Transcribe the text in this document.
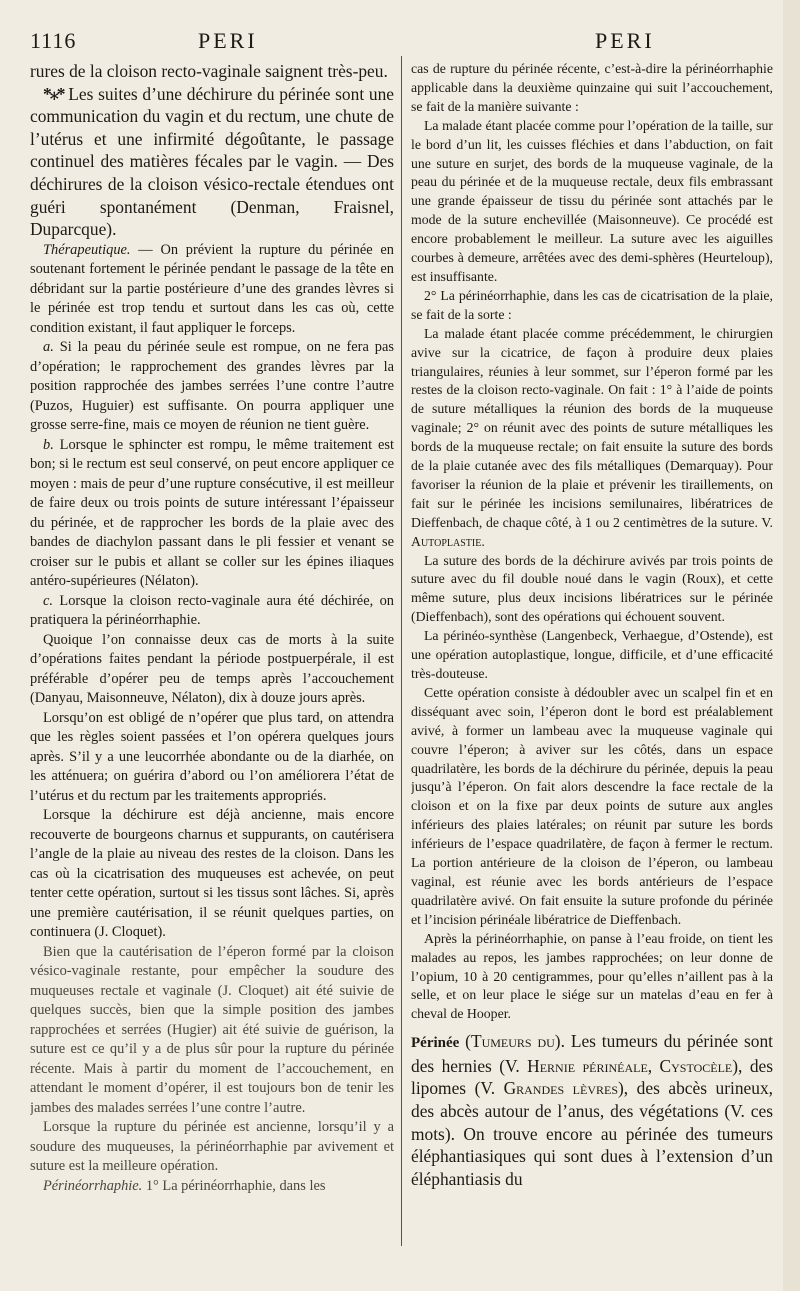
1116	PERI	PERI

rures de la cloison recto-vaginale saignent très-peu.

*⁎* Les suites d’une déchirure du périnée sont une communication du vagin et du rectum, une chute de l’utérus et une infirmité dégoûtante, le passage continuel des matières fécales par le vagin. — Des déchirures de la cloison vésico-rectale étendues ont guéri spontanément (Denman, Fraisnel, Duparcque).

Thérapeutique. — On prévient la rupture du périnée en soutenant fortement le périnée pendant le passage de la tête en débridant sur la partie postérieure d’une des grandes lèvres si le périnée est trop tendu et surtout dans les cas où, cette condition existant, il faut appliquer le forceps.

a. Si la peau du périnée seule est rompue, on ne fera pas d’opération; le rapprochement des grandes lèvres par la position rapprochée des jambes serrées l’une contre l’autre (Puzos, Huguier) est suffisante. On pourra appliquer une grosse serre-fine, mais ce moyen de réunion ne tient guère.

b. Lorsque le sphincter est rompu, le même traitement est bon; si le rectum est seul conservé, on peut encore appliquer ce moyen : mais de peur d’une rupture consécutive, il est meilleur de faire deux ou trois points de suture intéressant l’épaisseur du périnée, et de rapprocher les bords de la plaie avec des bandes de diachylon passant dans le pli fessier et venant se croiser sur le pubis et allant se coller sur les épines iliaques antéro-supérieures (Nélaton).

c. Lorsque la cloison recto-vaginale aura été déchirée, on pratiquera la périnéorrhaphie.

Quoique l’on connaisse deux cas de morts à la suite d’opérations faites pendant la période postpuerpérale, il est préférable d’opérer peu de temps après l’accouchement (Danyau, Maisonneuve, Nélaton), dix à douze jours après.

Lorsqu’on est obligé de n’opérer que plus tard, on attendra que les règles soient passées et l’on opérera quelques jours après. S’il y a une leucorrhée abondante ou de la diarhée, on les atténuera; on guérira d’abord ou l’on améliorera l’état de l’utérus et du rectum par les traitements appropriés.

Lorsque la déchirure est déjà ancienne, mais encore recouverte de bourgeons charnus et suppurants, on cautérisera l’angle de la plaie au niveau des restes de la cloison. Dans les cas où la cicatrisation des muqueuses est achevée, on peut tenter cette opération, surtout si les tissus sont lâches. Si, après une première cautérisation, il se réunit quelques parties, on continuera (J. Cloquet).

Bien que la cautérisation de l’éperon formé par la cloison vésico-vaginale restante, pour empêcher la soudure des muqueuses rectale et vaginale (J. Cloquet) ait été suivie de quelques succès, bien que la simple position des jambes rapprochées et serrées (Hugier) ait été suivie de guérison, la suture est ce qu’il y a de plus sûr pour la rupture du périnée récente. Mais à partir du moment de l’accouchement, en attendant le moment d’opérer, il est toujours bon de tenir les jambes des malades serrées l’une contre l’autre.

Lorsque la rupture du périnée est ancienne, lorsqu’il y a soudure des muqueuses, la périnéorrhaphie par avivement et suture est la meilleure opération.

Périnéorrhaphie. 1° La périnéorrhaphie, dans les

cas de rupture du périnée récente, c’est-à-dire la périnéorrhaphie applicable dans la deuxième quinzaine qui suit l’accouchement, se fait de la manière suivante :

La malade étant placée comme pour l’opération de la taille, sur le bord d’un lit, les cuisses fléchies et dans l’abduction, on fait une suture en surjet, des bords de la muqueuse vaginale, de la peau du périnée et de la muqueuse rectale, deux fils embrassant une grande épaisseur de tissu du périnée sont attachés par le mode de la suture enchevillée (Maisonneuve). Ce procédé est encore probablement le meilleur. La suture avec les aiguilles courbes à demeure, arrêtées avec des demi-sphères (Heurteloup), est insuffisante.

2° La périnéorrhaphie, dans les cas de cicatrisation de la plaie, se fait de la sorte :

La malade étant placée comme précédemment, le chirurgien avive sur la cicatrice, de façon à produire deux plaies triangulaires, réunies à leur sommet, sur l’éperon formé par les restes de la cloison recto-vaginale. On fait : 1° à l’aide de points de suture métalliques la réunion des bords de la muqueuse vaginale; 2° on réunit avec des points de suture métalliques les bords de la muqueuse rectale; on fait ensuite la suture des bords de la plaie cutanée avec des fils métalliques (Demarquay). Pour favoriser la réunion de la plaie et prévenir les tiraillements, on fait sur le périnée les incisions semilunaires, libératrices de Dieffenbach, de chaque côté, à 1 ou 2 centimètres de la suture. V. Autoplastie.

La suture des bords de la déchirure avivés par trois points de suture avec du fil double noué dans le vagin (Roux), et cette même suture, plus deux incisions libératrices sur le périnée (Dieffenbach), sont des opérations qui échouent souvent.

La périnéo-synthèse (Langenbeck, Verhaegue, d’Ostende), est une opération autoplastique, longue, difficile, et d’une efficacité très-douteuse.

Cette opération consiste à dédoubler avec un scalpel fin et en disséquant avec soin, l’éperon dont le bord est préalablement avivé, à former un lambeau avec la muqueuse vaginale qui couvre l’éperon; à aviver sur les côtés, dans un espace quadrilatère, les bords de la déchirure du périnée, depuis la peau jusqu’à l’éperon. On fait alors descendre la face rectale de la cloison et on la fixe par deux points de suture aux angles inférieurs des plaies latérales; on réunit par suture les bords inférieurs de l’espace quadrilatère, de façon à fermer le rectum. La portion antérieure de la cloison de l’éperon, ou lambeau vaginal, est réunie avec les bords antérieurs de l’espace quadrilatère avivé. On fait ensuite la suture profonde du périnée et l’incision périnéale libératrice de Dieffenbach.

Après la périnéorrhaphie, on panse à l’eau froide, on tient les malades au repos, les jambes rapprochées; on leur donne de l’opium, 10 à 20 centigrammes, pour qu’elles n’aillent pas à la selle, et on leur place le siége sur un matelas d’eau en fer à cheval de Hooper.

Périnée (Tumeurs du). Les tumeurs du périnée sont des hernies (V. Hernie périnéale, Cystocèle), des lipomes (V. Grandes lèvres), des abcès urineux, des abcès autour de l’anus, des végétations (V. ces mots). On trouve encore au périnée des tumeurs éléphantiasiques qui sont dues à l’extension d’un éléphantiasis du
